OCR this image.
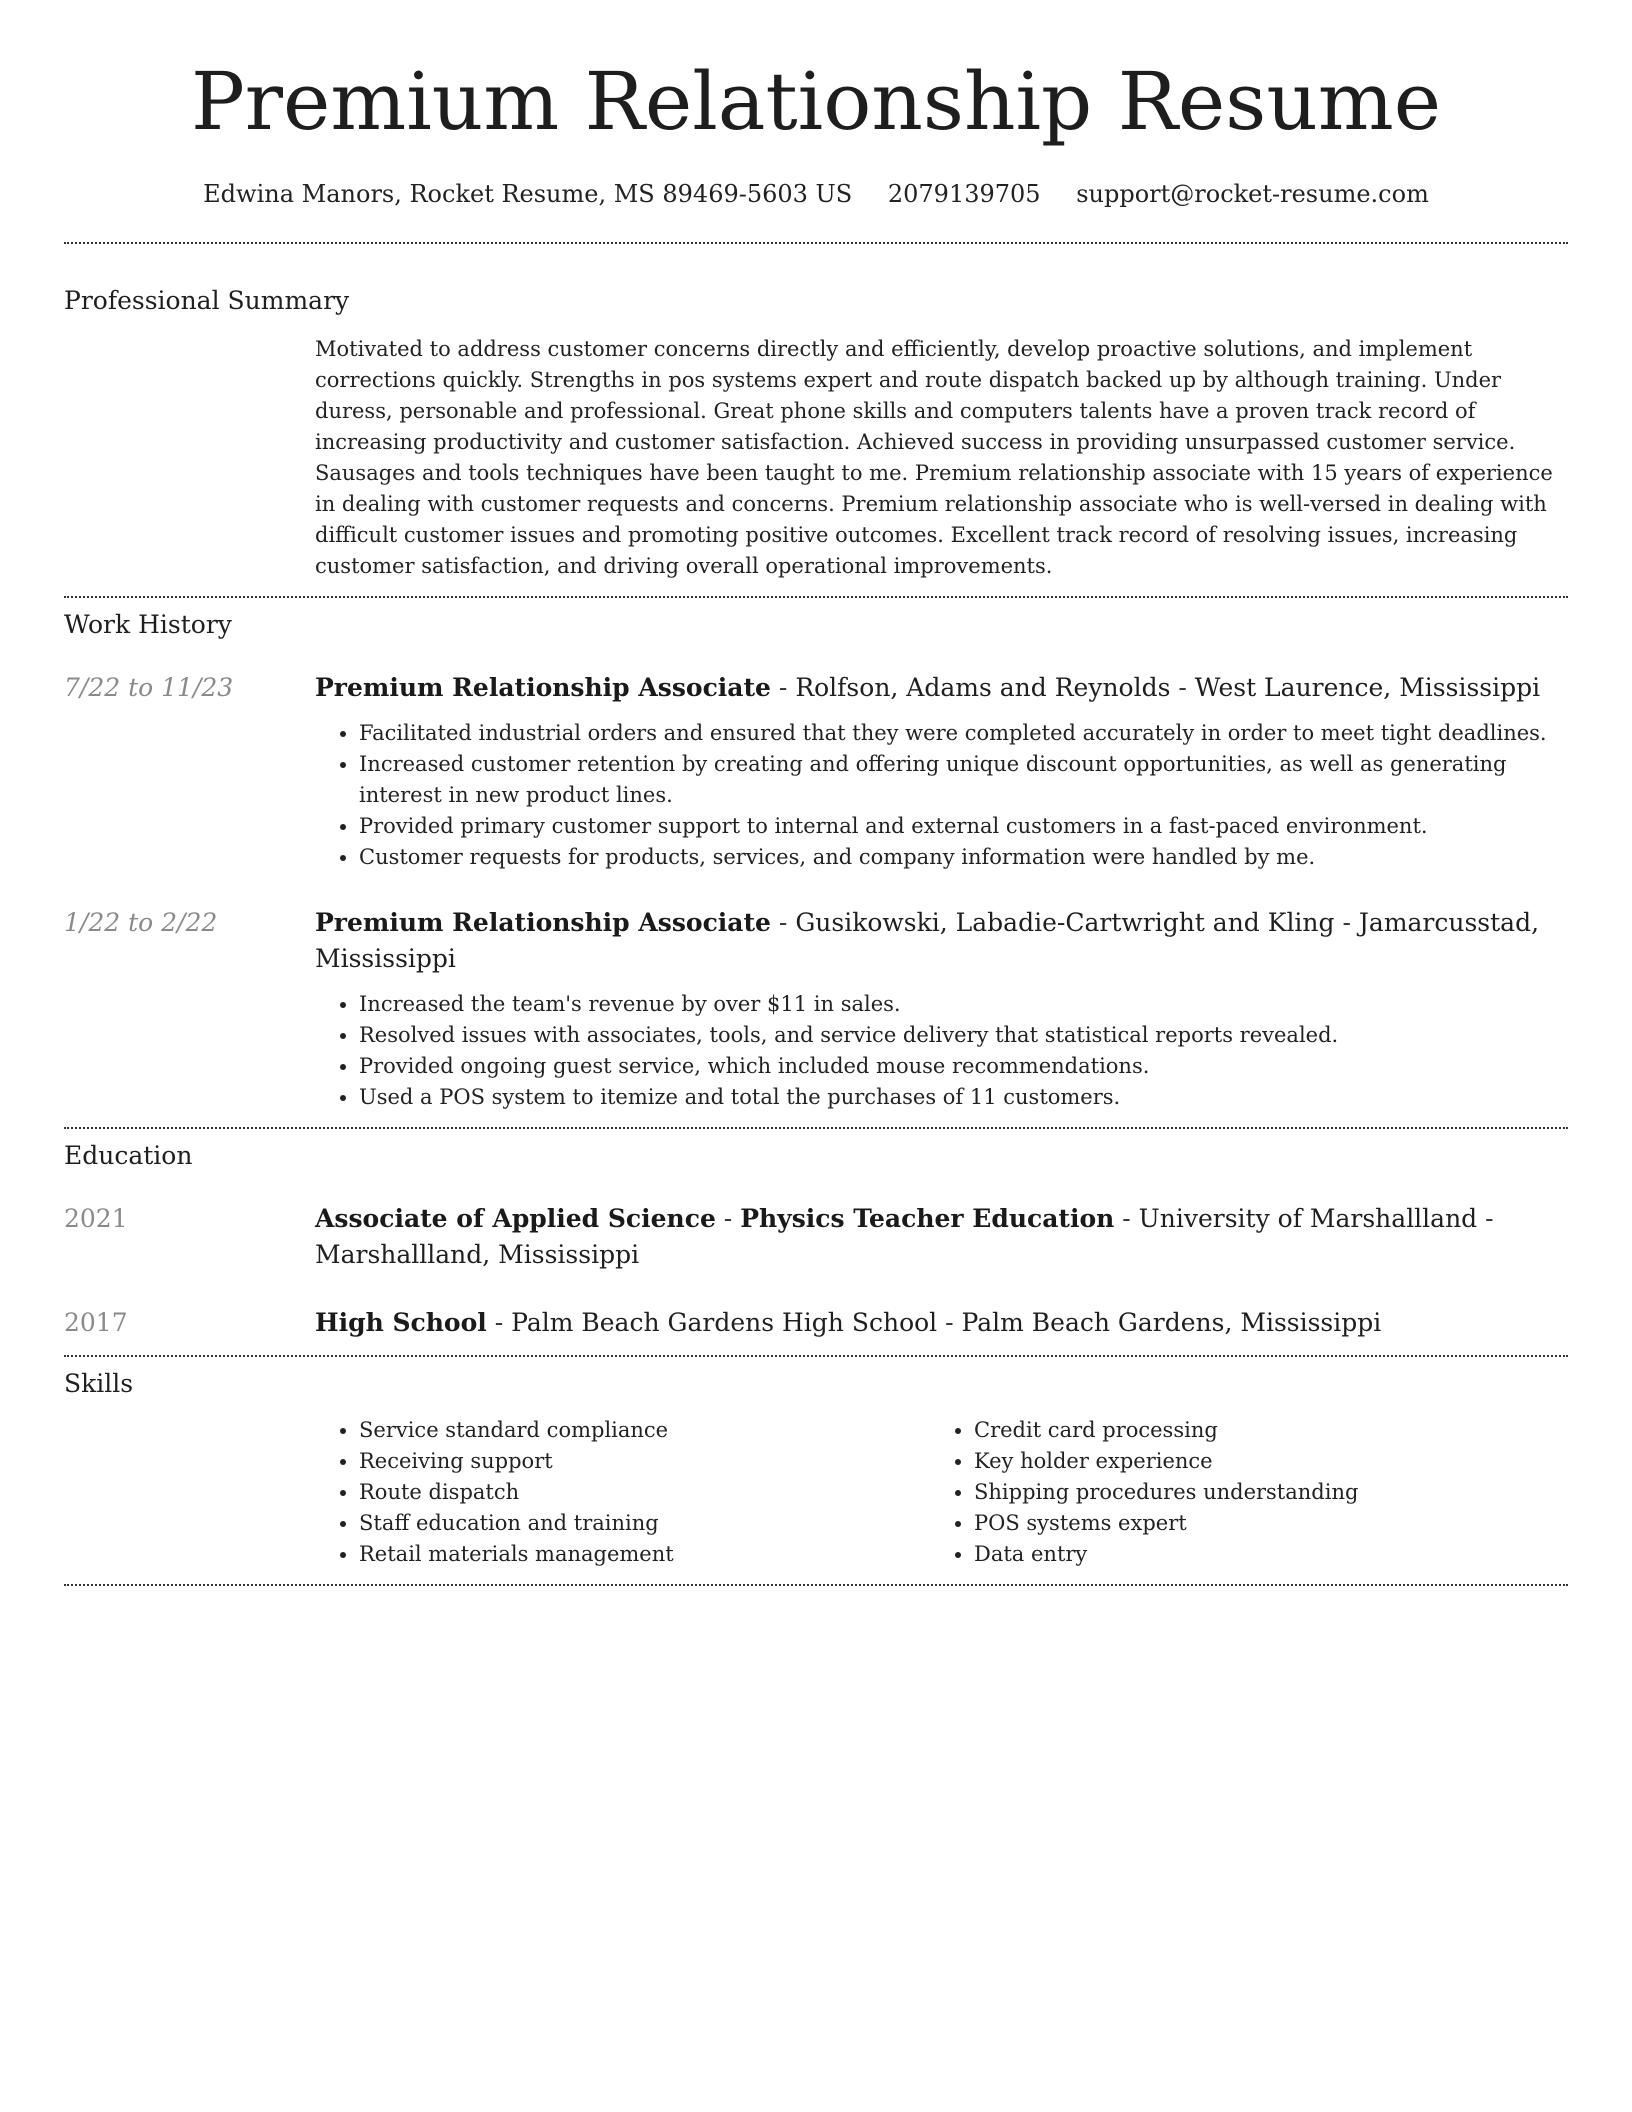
Premium Relationship Resume
Edwina Manors, Rocket Resume, MS 89469-5603 US 2079139705 support@rocket-resume.com
Professional Summary
Motivated to address customer concerns directly and efficiently, develop proactive solutions, and implement corrections quickly. Strengths in pos systems expert and route dispatch backed up by although training. Under duress, personable and professional. Great phone skills and computers talents have a proven track record of increasing productivity and customer satisfaction. Achieved success in providing unsurpassed customer service. Sausages and tools techniques have been taught to me. Premium relationship associate with 15 years of experience in dealing with customer requests and concerns. Premium relationship associate who is well-versed in dealing with difficult customer issues and promoting positive outcomes. Excellent track record of resolving issues, increasing customer satisfaction, and driving overall operational improvements.
Work History
7/22 to 11/23	Premium Relationship Associate - Rolfson, Adams and Reynolds - West Laurence, Mississippi
• Facilitated industrial orders and ensured that they were completed accurately in order to meet tight deadlines.
• Increased customer retention by creating and offering unique discount opportunities, as well as generating interest in new product lines.
• Provided primary customer support to internal and external customers in a fast-paced environment.
• Customer requests for products, services, and company information were handled by me.
1/22 to 2/22	Premium Relationship Associate - Gusikowski, Labadie-Cartwright and Kling - Jamarcusstad, Mississippi
• Increased the team's revenue by over $11 in sales.
• Resolved issues with associates, tools, and service delivery that statistical reports revealed.
• Provided ongoing guest service, which included mouse recommendations.
• Used a POS system to itemize and total the purchases of 11 customers.
Education
2021	Associate of Applied Science - Physics Teacher Education - University of Marshallland - Marshallland, Mississippi
2017	High School - Palm Beach Gardens High School - Palm Beach Gardens, Mississippi
Skills
• Service standard compliance
• Receiving support
• Route dispatch
• Staff education and training
• Retail materials management
• Credit card processing
• Key holder experience
• Shipping procedures understanding
• POS systems expert
• Data entry
